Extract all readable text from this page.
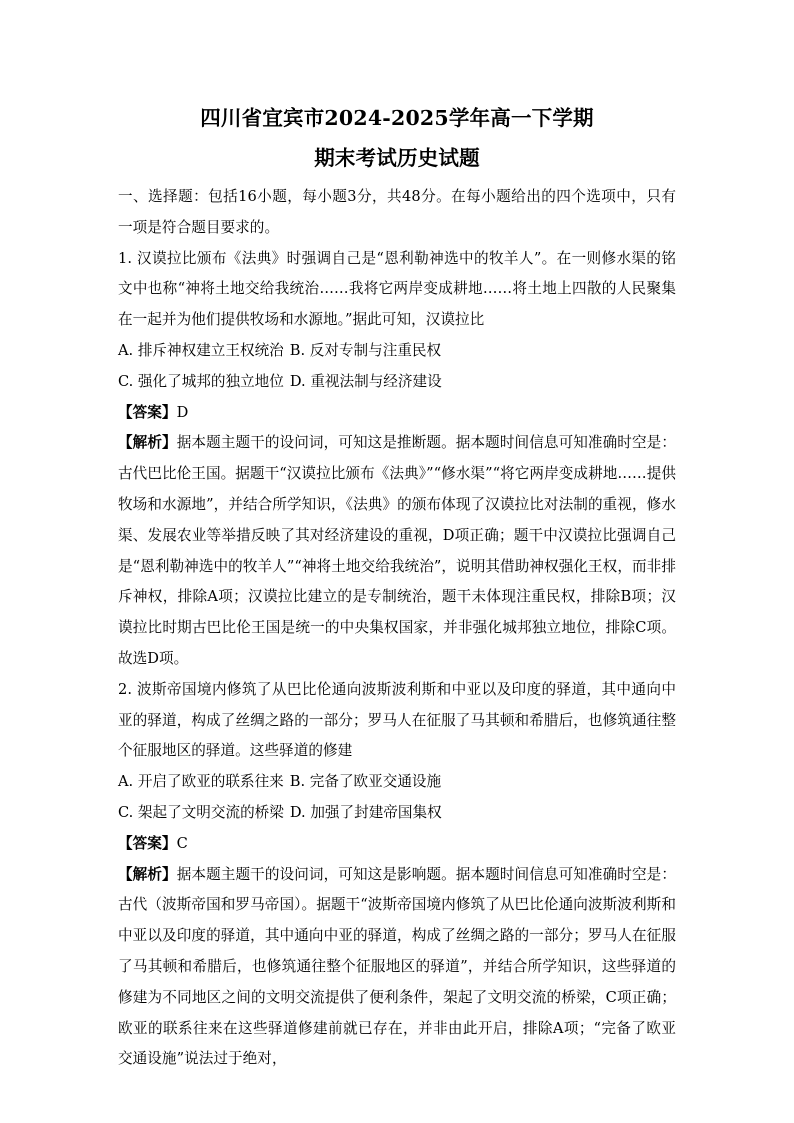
四川省宜宾市2024-2025学年高一下学期
期末考试历史试题

一、选择题：包括16小题，每小题3分，共48分。在每小题给出的四个选项中，只有一项是符合题目要求的。

1. 汉谟拉比颁布《法典》时强调自己是“恩利勒神选中的牧羊人”。在一则修水渠的铭文中也称“神将土地交给我统治……我将它两岸变成耕地……将土地上四散的人民聚集在一起并为他们提供牧场和水源地。”据此可知，汉谟拉比

A. 排斥神权建立王权统治 B. 反对专制与注重民权

C. 强化了城邦的独立地位 D. 重视法制与经济建设

【答案】D

【解析】据本题主题干的设问词，可知这是推断题。据本题时间信息可知准确时空是：古代巴比伦王国。据题干“汉谟拉比颁布《法典》”“修水渠”“将它两岸变成耕地……提供牧场和水源地”，并结合所学知识，《法典》的颁布体现了汉谟拉比对法制的重视，修水渠、发展农业等举措反映了其对经济建设的重视，D项正确；题干中汉谟拉比强调自己是“恩利勒神选中的牧羊人”“神将土地交给我统治”，说明其借助神权强化王权，而非排斥神权，排除A项；汉谟拉比建立的是专制统治，题干未体现注重民权，排除B项；汉谟拉比时期古巴比伦王国是统一的中央集权国家，并非强化城邦独立地位，排除C项。故选D项。

2. 波斯帝国境内修筑了从巴比伦通向波斯波利斯和中亚以及印度的驿道，其中通向中亚的驿道，构成了丝绸之路的一部分；罗马人在征服了马其顿和希腊后，也修筑通往整个征服地区的驿道。这些驿道的修建

A. 开启了欧亚的联系往来 B. 完备了欧亚交通设施

C. 架起了文明交流的桥梁 D. 加强了封建帝国集权

【答案】C

【解析】据本题主题干的设问词，可知这是影响题。据本题时间信息可知准确时空是：古代（波斯帝国和罗马帝国）。据题干“波斯帝国境内修筑了从巴比伦通向波斯波利斯和中亚以及印度的驿道，其中通向中亚的驿道，构成了丝绸之路的一部分；罗马人在征服了马其顿和希腊后，也修筑通往整个征服地区的驿道”，并结合所学知识，这些驿道的修建为不同地区之间的文明交流提供了便利条件，架起了文明交流的桥梁，C项正确；欧亚的联系往来在这些驿道修建前就已存在，并非由此开启，排除A项；“完备了欧亚交通设施”说法过于绝对，
